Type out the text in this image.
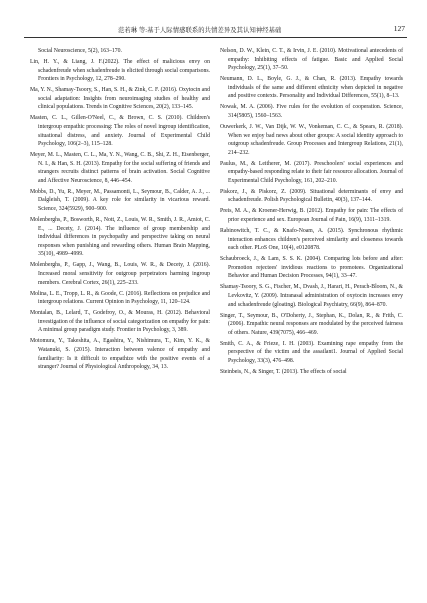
范若琳 等:基于人际情感联系的共情差异及其认知神经基础	127

Social Neuroscience, 5(2), 163–170.

Lin, H. Y., & Liang, J. F.(2022). The effect of malicious envy on schadenfreude when schadenfreude is elicited through social comparisons. Frontiers in Psychology, 12, 278–290.

Ma, Y. N., Shamay-Tsoory, S., Han, S. H., & Zink, C. F. (2016). Oxytocin and social adaptation: Insights from neuroimaging studies of healthy and clinical populations. Trends in Cognitive Sciences, 20(2), 133–145.

Masten, C. L., Gillen-O'Neel, C., & Brown, C. S. (2010). Children's intergroup empathic processing: The roles of novel ingroup identification, situational distress, and anxiety. Journal of Experimental Child Psychology, 106(2–3), 115–128.

Meyer, M. L., Masten, C. L., Ma, Y. N., Wang, C. B., Shi, Z. H., Eisenberger, N. I., & Han, S. H. (2013). Empathy for the social suffering of friends and strangers recruits distinct patterns of brain activation. Social Cognitive and Affective Neuroscience, 8, 446–454.

Mobbs, D., Yu, R., Meyer, M., Passamonti, L., Seymour, B., Calder, A. J., ... Dalgleish, T. (2009). A key role for similarity in vicarious reward. Science, 324(5929), 900–900.

Molenberghs, P., Bosworth, R., Nott, Z., Louis, W. R., Smith, J. R., Amiot, C. E., ... Decety, J. (2014). The influence of group membership and individual differences in psychopathy and perspective taking on neural responses when punishing and rewarding others. Human Brain Mapping, 35(10), 4989–4999.

Molenberghs, P., Gapp, J., Wang, B., Louis, W. R., & Decety, J. (2016). Increased moral sensitivity for outgroup perpetrators harming ingroup members. Cerebral Cortex, 26(1), 225–233.

Molina, L. E., Tropp, L. R., & Goode, C. (2016). Reflections on prejudice and intergroup relations. Current Opinion in Psychology, 11, 120–124.

Montalan, B., Lelard, T., Godefroy, O., & Mouras, H. (2012). Behavioral investigation of the influence of social categorization on empathy for pain: A minimal group paradigm study. Frontier in Psychology, 3, 389.

Motomura, Y., Takeshita, A., Egashira, Y., Nishimura, T., Kim, Y. K., & Watanuki, S. (2015). Interaction between valence of empathy and familiarity: Is it difficult to empathize with the positive events of a stranger? Journal of Physiological Anthropology, 34, 13.

Nelson, D. W., Klein, C. T., & Irvin, J. E. (2010). Motivational antecedents of empathy: Inhibiting effects of fatigue. Basic and Applied Social Psychology, 25(1), 37–50.

Neumann, D. L., Boyle, G. J., & Chan, R. (2013). Empathy towards individuals of the same and different ethnicity when depicted in negative and positive contexts. Personality and Individual Differences, 55(1), 8–13.

Nowak, M. A. (2006). Five rules for the evolution of cooperation. Science, 314(5805), 1560–1563.

Ouwerkerk, J. W., Van Dijk, W. W., Vonkeman, C. C., & Spears, R. (2018). When we enjoy bad news about other groups: A social identity approach to outgroup schadenfreude. Group Processes and Intergroup Relations, 21(1), 214–232.

Paulus, M., & Leitherer, M. (2017). Preschoolers' social experiences and empathy-based responding relate to their fair resource allocation. Journal of Experimental Child Psychology, 161, 202–210.

Piskorz, J., & Piskorz, Z. (2009). Situational determinants of envy and schadenfreude. Polish Psychological Bulletin, 40(3), 137–144.

Preis, M. A., & Kroener-Herwig, B. (2012). Empathy for pain: The effects of prior experience and sex. European Journal of Pain, 16(9), 1311–1319.

Rabinowitch, T. C., & Knafo-Noam, A. (2015). Synchronous rhythmic interaction enhances children's perceived similarity and closeness towards each other. PLoS One, 10(4), e0120878.

Schaubroeck, J., & Lam, S. S. K. (2004). Comparing lots before and after: Promotion rejectees' invidious reactions to promotees. Organizational Behavior and Human Decision Processes, 94(1), 33–47.

Shamay-Tsoory, S. G., Fischer, M., Dvash, J., Harari, H., Perach-Bloom, N., & Levkovitz, Y. (2009). Intranasal administration of oxytocin increases envy and schadenfreude (gloating). Biological Psychiatry, 66(9), 864–870.

Singer, T., Seymour, B., O'Doherty, J., Stephan, K., Dolan, R., & Frith, C. (2006). Empathic neural responses are modulated by the perceived fairness of others. Nature, 439(7075), 466–469.

Smith, C. A., & Frieze, I. H. (2003). Examining rape empathy from the perspective of the victim and the assailant1. Journal of Applied Social Psychology, 33(3), 476–498.

Steinbeis, N., & Singer, T. (2013). The effects of social
